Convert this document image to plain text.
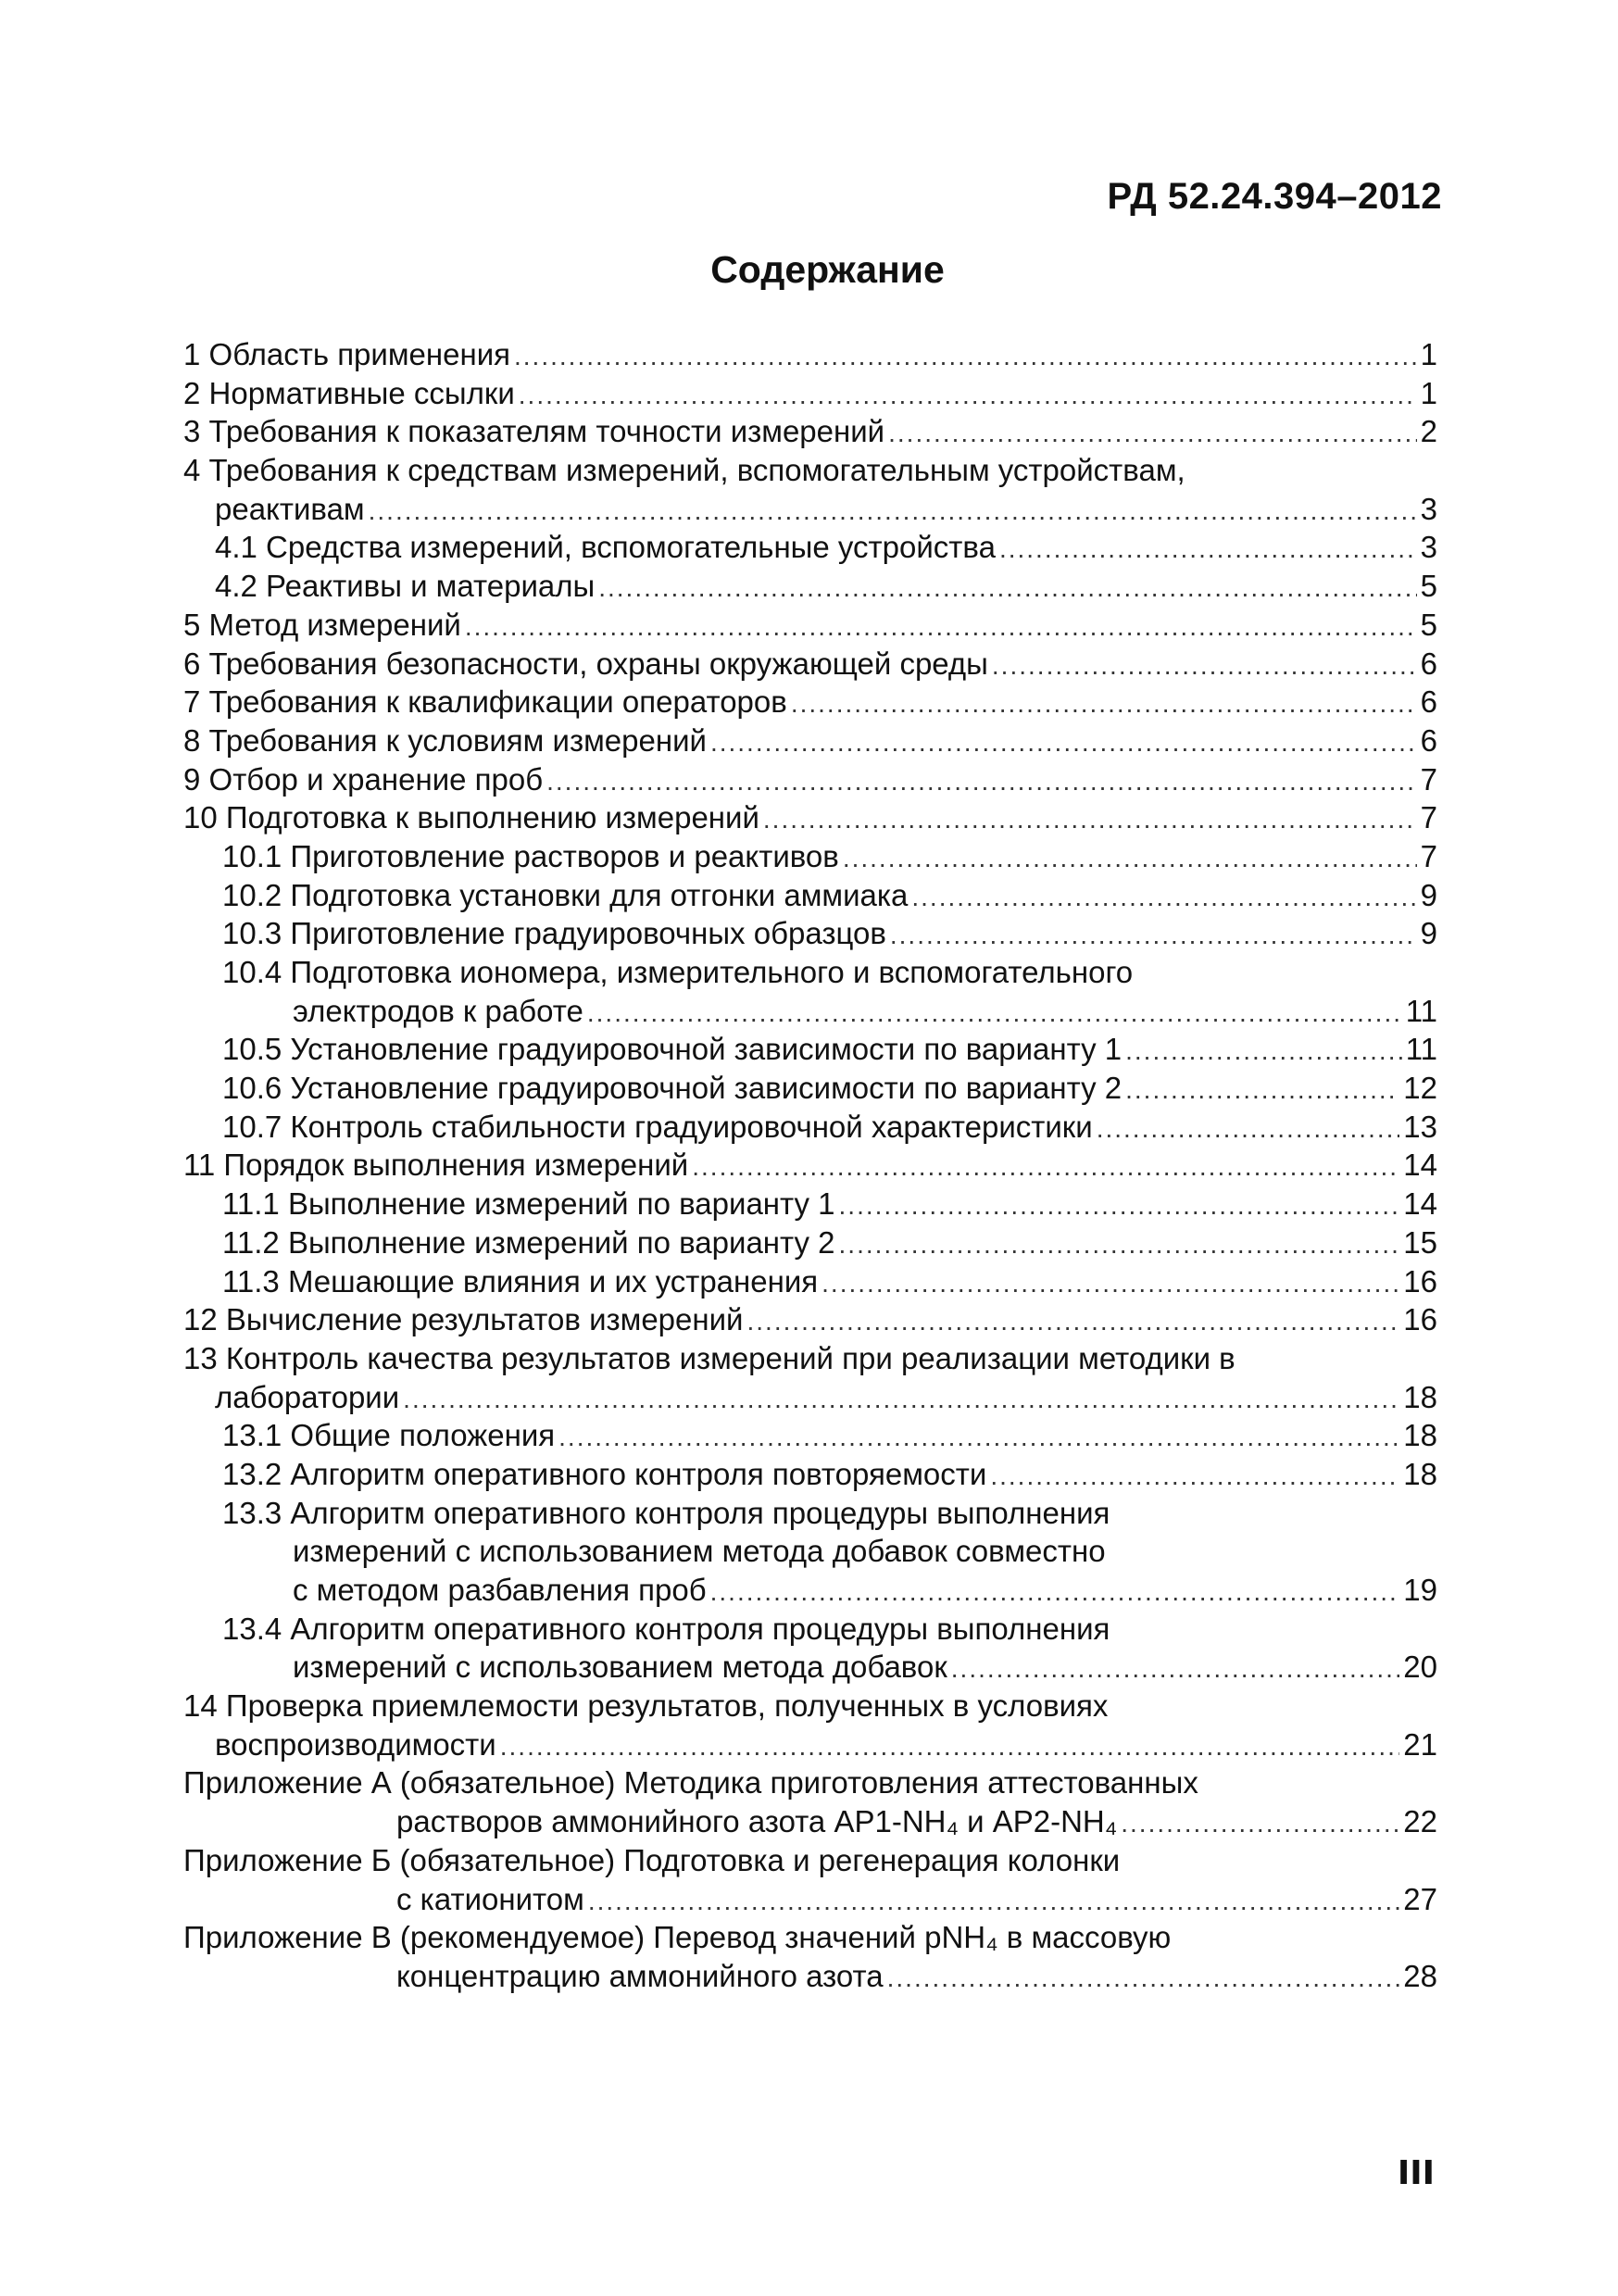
РД 52.24.394–2012
Содержание
1 Область применения .....	1
2 Нормативные ссылки .....	1
3 Требования к показателям точности измерений .....	2
4 Требования к средствам измерений, вспомогательным устройствам,
реактивам .....	3
4.1 Средства измерений, вспомогательные устройства .....	3
4.2 Реактивы и материалы .....	5
5 Метод измерений .....	5
6 Требования безопасности, охраны окружающей среды .....	6
7 Требования к квалификации операторов .....	6
8 Требования к условиям измерений .....	6
9 Отбор и хранение проб .....	7
10 Подготовка к выполнению измерений .....	7
10.1 Приготовление растворов и реактивов .....	7
10.2 Подготовка установки для отгонки аммиака .....	9
10.3 Приготовление градуировочных образцов .....	9
10.4 Подготовка иономера, измерительного и вспомогательного
электродов к работе .....	11
10.5 Установление градуировочной зависимости по варианту 1 .....	11
10.6 Установление градуировочной зависимости по варианту 2 .....	12
10.7 Контроль стабильности градуировочной характеристики .....	13
11 Порядок выполнения измерений .....	14
11.1 Выполнение измерений по варианту 1 .....	14
11.2 Выполнение измерений по варианту 2 .....	15
11.3 Мешающие влияния и их устранения .....	16
12 Вычисление результатов измерений .....	16
13 Контроль качества результатов измерений при реализации методики в
лаборатории .....	18
13.1 Общие положения .....	18
13.2 Алгоритм оперативного контроля повторяемости .....	18
13.3 Алгоритм оперативного контроля процедуры выполнения
измерений с использованием метода добавок совместно
с методом разбавления проб .....	19
13.4 Алгоритм оперативного контроля процедуры выполнения
измерений с использованием метода добавок .....	20
14 Проверка приемлемости результатов, полученных в условиях
воспроизводимости .....	21
Приложение А (обязательное) Методика приготовления аттестованных
растворов аммонийного азота АР1-NH₄ и АР2-NH₄ .....	22
Приложение Б (обязательное) Подготовка и регенерация колонки
с катионитом .....	27
Приложение В (рекомендуемое) Перевод значений pNH₄ в массовую
концентрацию аммонийного азота .....	28
III
